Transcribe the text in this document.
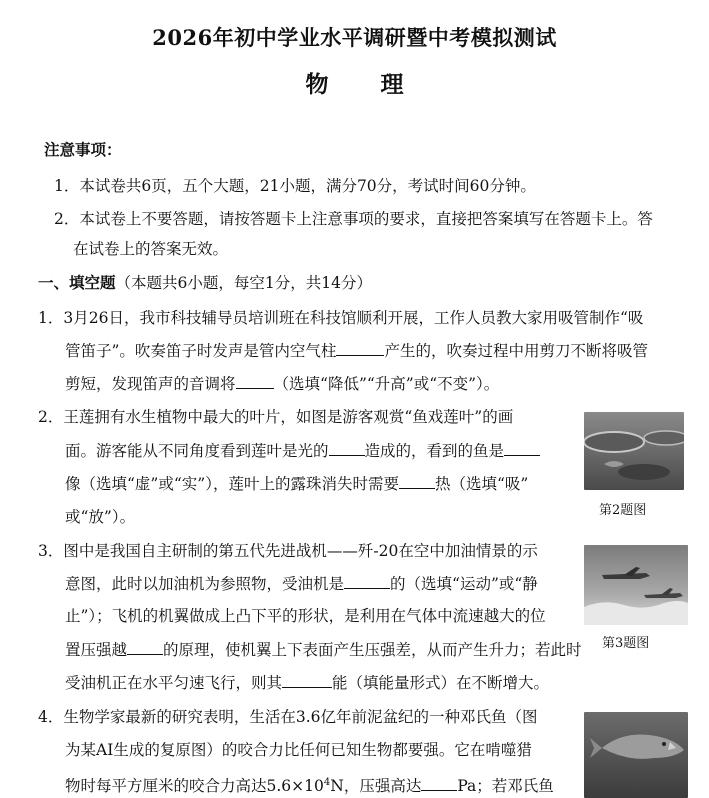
2026年初中学业水平调研暨中考模拟测试
物 理
注意事项：
1．本试卷共6页，五个大题，21小题，满分70分，考试时间60分钟。
2．本试卷上不要答题，请按答题卡上注意事项的要求，直接把答案填写在答题卡上。答
在试卷上的答案无效。
一、填空题（本题共6小题，每空1分，共14分）
1．3月26日，我市科技辅导员培训班在科技馆顺利开展，工作人员教大家用吸管制作“吸
管笛子”。吹奏笛子时发声是管内空气柱	产生的，吹奏过程中用剪刀不断将吸管
剪短，发现笛声的音调将 （选填“降低”“升高”或“不变”）。
2．王莲拥有水生植物中最大的叶片，如图是游客观赏“鱼戏莲叶”的画
面。游客能从不同角度看到莲叶是光的 造成的，看到的鱼是
像（选填“虚”或“实”），莲叶上的露珠消失时需要 热（选填“吸”
或“放”）。	第2题图
3．图中是我国自主研制的第五代先进战机——歼-20在空中加油情景的示
意图，此时以加油机为参照物，受油机是	的（选填“运动”或“静
止”）；飞机的机翼做成上凸下平的形状，是利用在气体中流速越大的位
置压强越 的原理，使机翼上下表面产生压强差，从而产生升力；若此时
受油机正在水平匀速飞行，则其	能（填能量形式）在不断增大。
第3题图
4．生物学家最新的研究表明，生活在3.6亿年前泥盆纪的一种邓氏鱼（图
为某AI生成的复原图）的咬合力比任何已知生物都要强。它在啃噬猎
物时每平方厘米的咬合力高达$5.6\times 10^4N$，压强高达 Pa；若邓氏鱼
